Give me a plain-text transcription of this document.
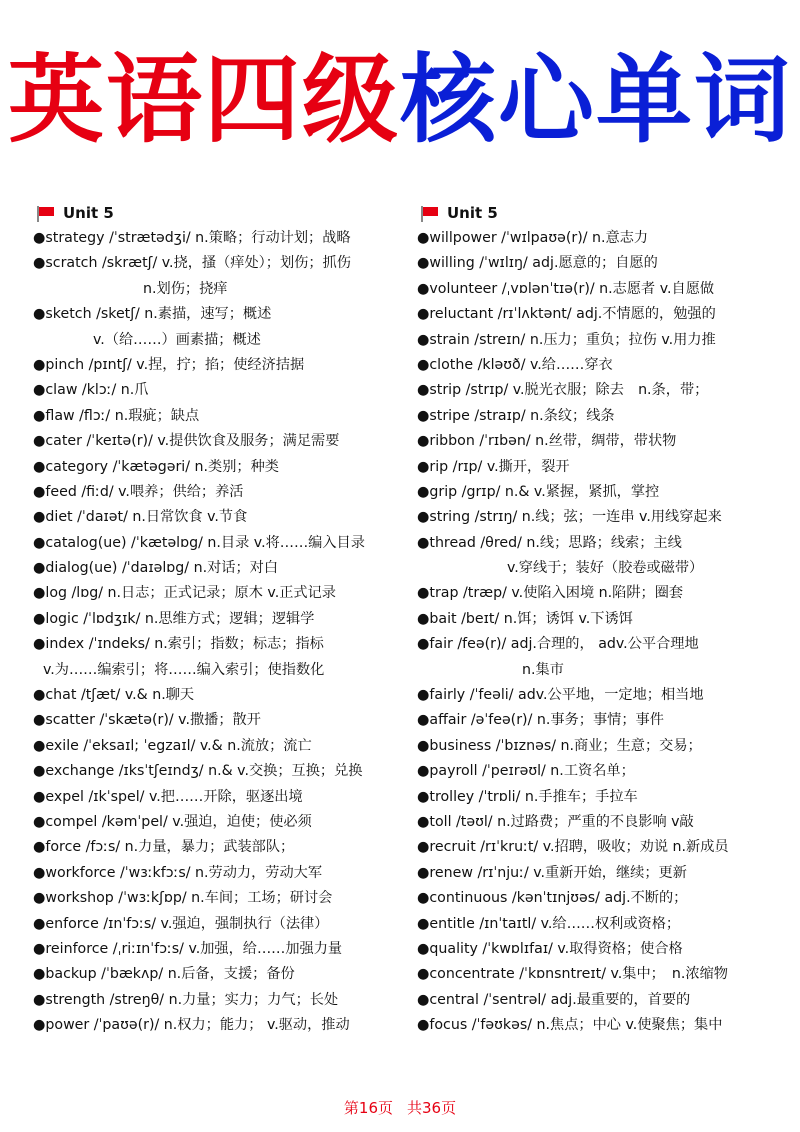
英语四级核心单词
Unit 5
●strategy /ˈstrætədʒi/ n.策略；行动计划；战略
●scratch /skrætʃ/ v.挠，搔（痒处）；划伤；抓伤
n.划伤；挠痒
●sketch /sketʃ/ n.素描，速写；概述
v.（给……）画素描；概述
●pinch /pɪntʃ/ v.捏，拧；掐；使经济拮据
●claw /klɔː/ n.爪
●flaw /flɔː/ n.瑕疵；缺点
●cater /ˈkeɪtə(r)/ v.提供饮食及服务；满足需要
●category /ˈkætəgəri/ n.类别；种类
●feed /fiːd/ v.喂养；供给；养活
●diet /ˈdaɪət/ n.日常饮食 v.节食
●catalog(ue) /ˈkætəlɒg/ n.目录 v.将……编入目录
●dialog(ue) /ˈdaɪəlɒg/ n.对话；对白
●log /lɒg/ n.日志；正式记录；原木 v.正式记录
●logic /ˈlɒdʒɪk/ n.思维方式；逻辑；逻辑学
●index /ˈɪndeks/ n.索引；指数；标志；指标
v.为……编索引；将……编入索引；使指数化
●chat /tʃæt/ v.& n.聊天
●scatter /ˈskætə(r)/ v.撒播；散开
●exile /ˈeksaɪl; ˈegzaɪl/ v.& n.流放；流亡
●exchange /ɪksˈtʃeɪndʒ/ n.& v.交换；互换；兑换
●expel /ɪkˈspel/ v.把……开除，驱逐出境
●compel /kəmˈpel/ v.强迫，迫使；使必须
●force /fɔːs/ n.力量，暴力；武装部队；
●workforce /ˈwɜːkfɔːs/ n.劳动力，劳动大军
●workshop /ˈwɜːkʃɒp/ n.车间；工场；研讨会
●enforce /ɪnˈfɔːs/ v.强迫，强制执行（法律）
●reinforce /ˌriːɪnˈfɔːs/ v.加强，给……加强力量
●backup /ˈbækʌp/ n.后备，支援；备份
●strength /streŋθ/ n.力量；实力；力气；长处
●power /ˈpaʊə(r)/ n.权力；能力； v.驱动，推动
Unit 5
●willpower /ˈwɪlpaʊə(r)/ n.意志力
●willing /ˈwɪlɪŋ/ adj.愿意的；自愿的
●volunteer /ˌvɒlənˈtɪə(r)/ n.志愿者 v.自愿做
●reluctant /rɪˈlʌktənt/ adj.不情愿的，勉强的
●strain /streɪn/ n.压力；重负；拉伤 v.用力推
●clothe /kləʊð/ v.给……穿衣
●strip /strɪp/ v.脱光衣服；除去　n.条，带；
●stripe /straɪp/ n.条纹；线条
●ribbon /ˈrɪbən/ n.丝带，绸带，带状物
●rip /rɪp/ v.撕开，裂开
●grip /grɪp/ n.& v.紧握，紧抓，掌控
●string /strɪŋ/ n.线；弦；一连串 v.用线穿起来
●thread /θred/ n.线；思路；线索；主线
v.穿线于；装好（胶卷或磁带）
●trap /træp/ v.使陷入困境 n.陷阱；圈套
●bait /beɪt/ n.饵；诱饵 v.下诱饵
●fair /feə(r)/ adj.合理的， adv.公平合理地
n.集市
●fairly /ˈfeəli/ adv.公平地，一定地；相当地
●affair /əˈfeə(r)/ n.事务；事情；事件
●business /ˈbɪznəs/ n.商业；生意；交易；
●payroll /ˈpeɪrəʊl/ n.工资名单；
●trolley /ˈtrɒli/ n.手推车；手拉车
●toll /təʊl/ n.过路费；严重的不良影响 v敲
●recruit /rɪˈkruːt/ v.招聘，吸收；劝说 n.新成员
●renew /rɪˈnjuː/ v.重新开始，继续；更新
●continuous /kənˈtɪnjʊəs/ adj.不断的；
●entitle /ɪnˈtaɪtl/ v.给……权利或资格；
●quality /ˈkwɒlɪfaɪ/ v.取得资格；使合格
●concentrate /ˈkɒnsntreɪt/ v.集中；　n.浓缩物
●central /ˈsentrəl/ adj.最重要的，首要的
●focus /ˈfəʊkəs/ n.焦点；中心 v.使聚焦；集中
第16页 共36页
